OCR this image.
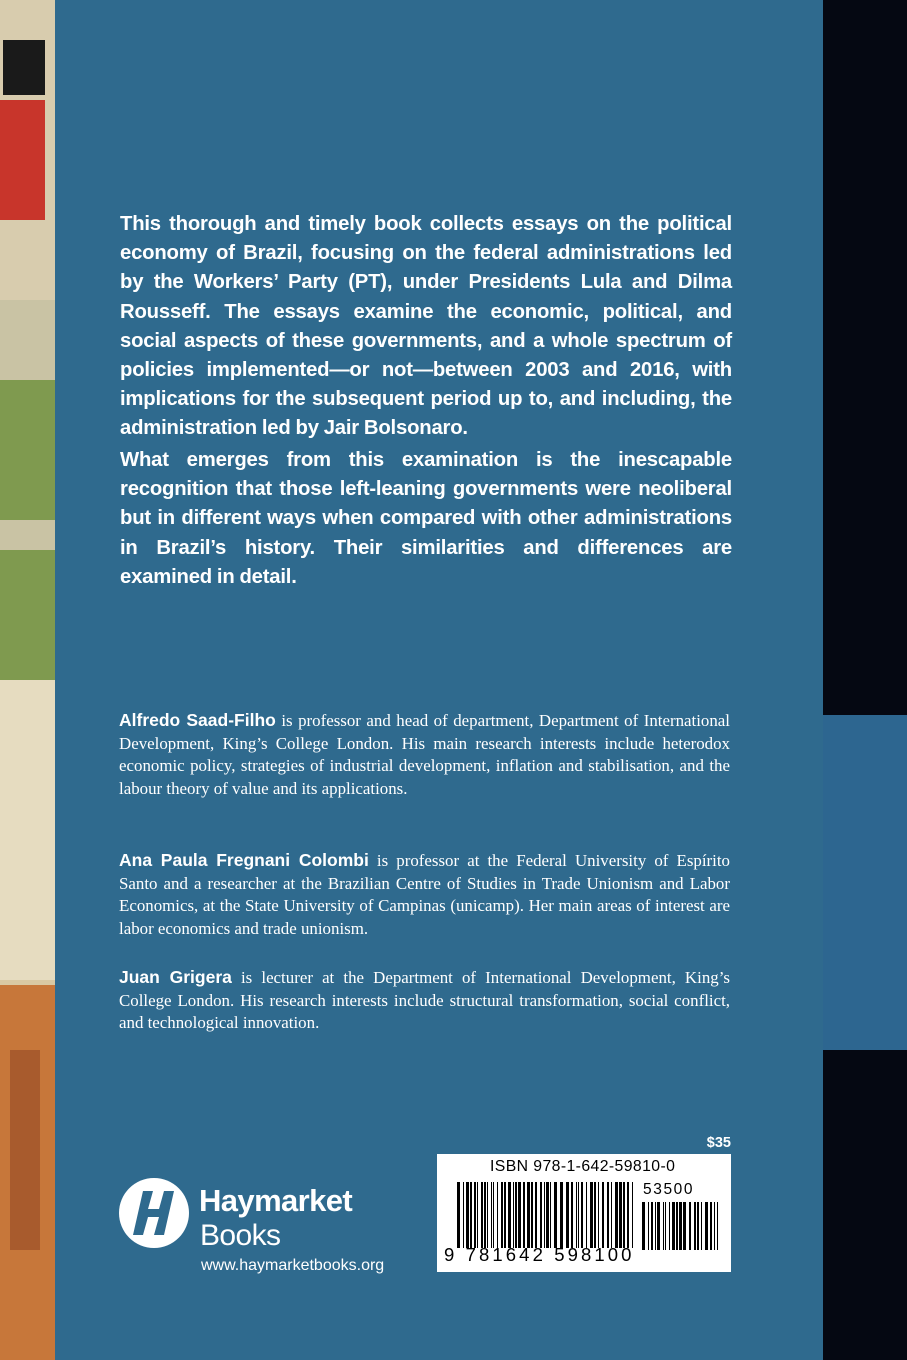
This thorough and timely book collects essays on the political economy of Brazil, focusing on the federal administrations led by the Workers’ Party (PT), under Presidents Lula and Dilma Rousseff. The essays examine the economic, political, and social aspects of these governments, and a whole spectrum of policies implemented—or not—between 2003 and 2016, with implications for the subsequent period up to, and including, the administration led by Jair Bolsonaro.

What emerges from this examination is the inescapable recognition that those left-leaning governments were neoliberal but in different ways when compared with other administrations in Brazil’s history. Their similarities and differences are examined in detail.

Alfredo Saad-Filho is professor and head of department, Department of International Development, King’s College London. His main research interests include heterodox economic policy, strategies of industrial development, inflation and stabilisation, and the labour theory of value and its applications.

Ana Paula Fregnani Colombi is professor at the Federal University of Espírito Santo and a researcher at the Brazilian Centre of Studies in Trade Unionism and Labor Economics, at the State University of Campinas (unicamp). Her main areas of interest are labor economics and trade unionism.

Juan Grigera is lecturer at the Department of International Development, King’s College London. His research interests include structural transformation, social conflict, and technological innovation.

$35
ISBN 978-1-642-59810-0
53500
9 781642 598100
Haymarket
Books
www.haymarketbooks.org
